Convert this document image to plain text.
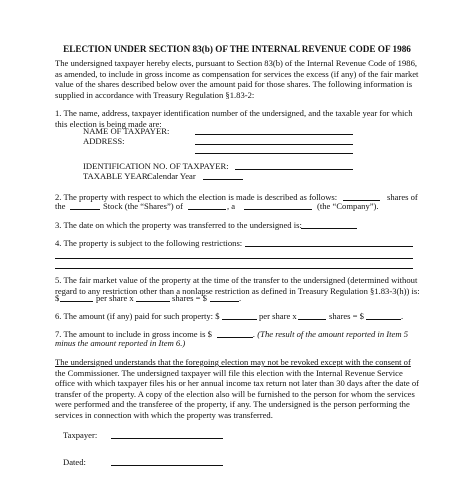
ELECTION UNDER SECTION 83(b) OF THE INTERNAL REVENUE CODE OF 1986
The undersigned taxpayer hereby elects, pursuant to Section 83(b) of the Internal Revenue Code of 1986,
as amended, to include in gross income as compensation for services the excess (if any) of the fair market
value of the shares described below over the amount paid for those shares. The following information is
supplied in accordance with Treasury Regulation §1.83-2:
1. The name, address, taxpayer identification number of the undersigned, and the taxable year for which
this election is being made are:
NAME OF TAXPAYER:
ADDRESS:
IDENTIFICATION NO. OF TAXPAYER:
TAXABLE YEAR:
Calendar Year
2. The property with respect to which the election is made is described as follows:	shares of
the	Stock (the “Shares”) of	, a	(the “Company”).
3. The date on which the property was transferred to the undersigned is:
4. The property is subject to the following restrictions:
5. The fair market value of the property at the time of the transfer to the undersigned (determined without
regard to any restriction other than a nonlapse restriction as defined in Treasury Regulation §1.83-3(h)) is:
$	per share x	shares = $	.
6. The amount (if any) paid for such property: $	per share x	shares = $	.
7. The amount to include in gross income is $	. (The result of the amount reported in Item 5
minus the amount reported in Item 6.)
The undersigned understands that the foregoing election may not be revoked except with the consent of
the Commissioner. The undersigned taxpayer will file this election with the Internal Revenue Service
office with which taxpayer files his or her annual income tax return not later than 30 days after the date of
transfer of the property. A copy of the election also will be furnished to the person for whom the services
were performed and the transferee of the property, if any. The undersigned is the person performing the
services in connection with which the property was transferred.
Taxpayer:
Dated:
